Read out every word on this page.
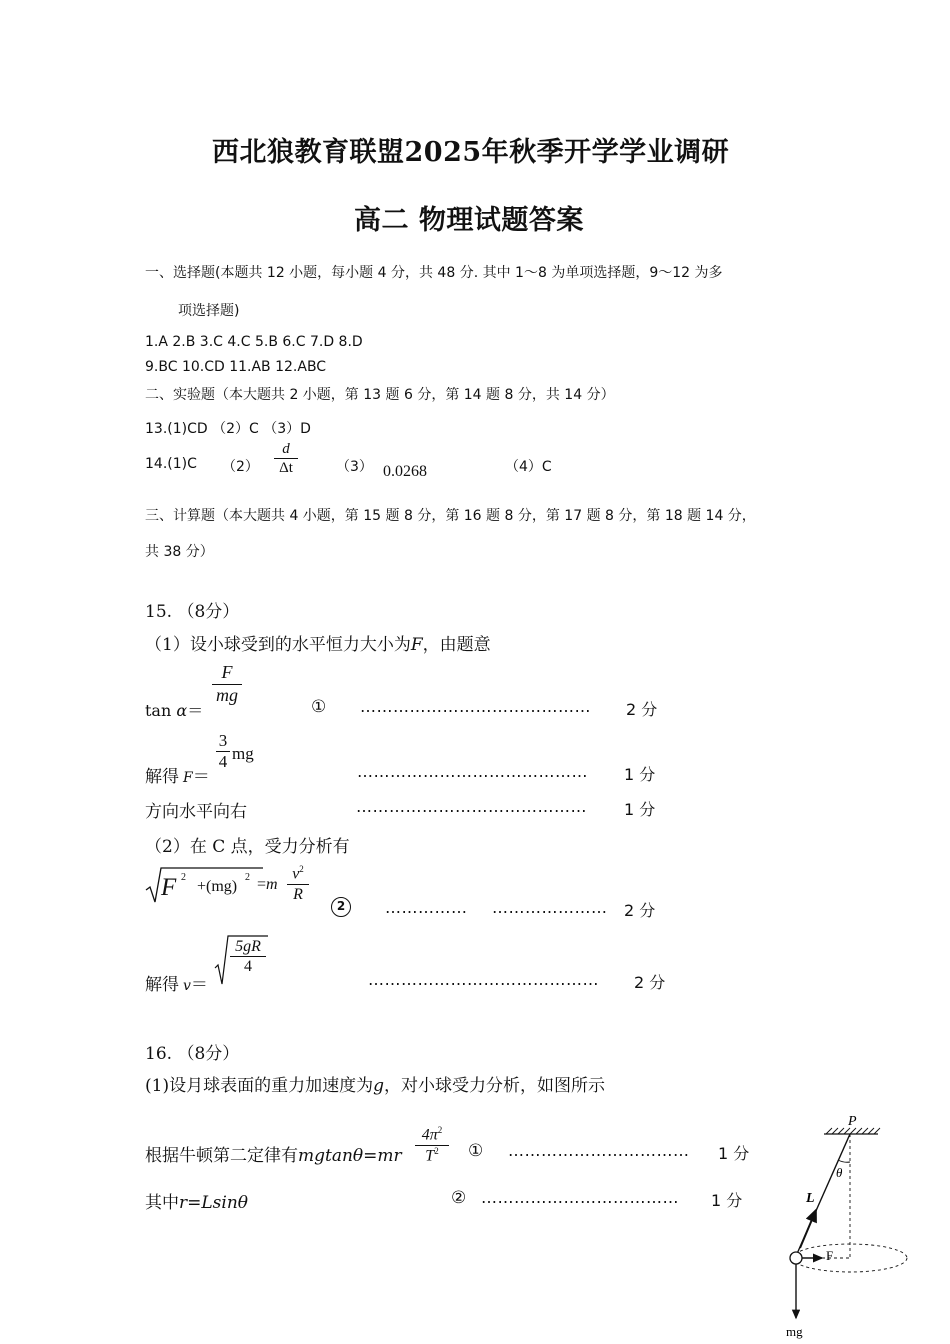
西北狼教育联盟2025年秋季开学学业调研
高二 物理试题答案
一、选择题(本题共 12 小题，每小题 4 分，共 48 分. 其中 1～8 为单项选择题，9～12 为多
项选择题)
1.A 2.B 3.C 4.C 5.B 6.C 7.D 8.D
9.BC 10.CD 11.AB 12.ABC
二、实验题（本大题共 2 小题，第 13 题 6 分，第 14 题 8 分，共 14 分）
13.(1)CD （2）C （3）D
14.(1)C （2）
d
Δt	（3） 0.0268	（4）C
三、计算题（本大题共 4 小题，第 15 题 8 分，第 16 题 8 分，第 17 题 8 分，第 18 题 14 分，
共 38 分）
15. （8分）
（1）设小球受到的水平恒力大小为F，由题意
tan α＝
F
mg
① …………………………………… 2 分
解得 F＝
3
4 mg
…………………………………… 1 分
方向水平向右	…………………………………… 1 分
（2）在 C 点，受力分析有
F 2
+(mg)
2 =m
$v^2$
R
2	…………… ………………… 2 分
解得 v＝
5gR
4
…………………………………… 2 分
16. （8分）
(1)设月球表面的重力加速度为g，对小球受力分析，如图所示
根据牛顿第二定律有mgtanθ=mr
$4\pi^2$
$T^2$	① …………………………… 1 分
其中r=Lsinθ	② ……………………………… 1 分
P
θ
L
F
mg
